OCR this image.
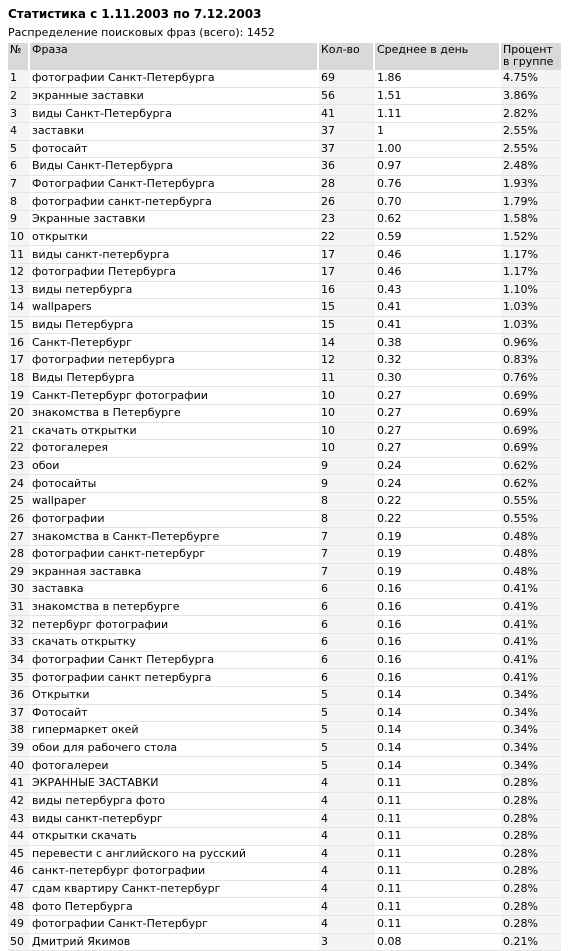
Статистика с 1.11.2003 по 7.12.2003
Распределение поисковых фраз (всего): 1452
№	Фраза	Кол-во	Среднее в день	Процент в группе
1	фотографии Санкт-Петербурга	69	1.86	4.75%
2	экранные заставки	56	1.51	3.86%
3	виды Санкт-Петербурга	41	1.11	2.82%
4	заставки	37	1	2.55%
5	фотосайт	37	1.00	2.55%
6	Виды Санкт-Петербурга	36	0.97	2.48%
7	Фотографии Санкт-Петербурга	28	0.76	1.93%
8	фотографии санкт-петербурга	26	0.70	1.79%
9	Экранные заставки	23	0.62	1.58%
10	открытки	22	0.59	1.52%
11	виды санкт-петербурга	17	0.46	1.17%
12	фотографии Петербурга	17	0.46	1.17%
13	виды петербурга	16	0.43	1.10%
14	wallpapers	15	0.41	1.03%
15	виды Петербурга	15	0.41	1.03%
16	Санкт-Петербург	14	0.38	0.96%
17	фотографии петербурга	12	0.32	0.83%
18	Виды Петербурга	11	0.30	0.76%
19	Санкт-Петербург фотографии	10	0.27	0.69%
20	знакомства в Петербурге	10	0.27	0.69%
21	скачать открытки	10	0.27	0.69%
22	фотогалерея	10	0.27	0.69%
23	обои	9	0.24	0.62%
24	фотосайты	9	0.24	0.62%
25	wallpaper	8	0.22	0.55%
26	фотографии	8	0.22	0.55%
27	знакомства в Санкт-Петербурге	7	0.19	0.48%
28	фотографии санкт-петербург	7	0.19	0.48%
29	экранная заставка	7	0.19	0.48%
30	заставка	6	0.16	0.41%
31	знакомства в петербурге	6	0.16	0.41%
32	петербург фотографии	6	0.16	0.41%
33	скачать открытку	6	0.16	0.41%
34	фотографии Санкт Петербурга	6	0.16	0.41%
35	фотографии санкт петербурга	6	0.16	0.41%
36	Открытки	5	0.14	0.34%
37	Фотосайт	5	0.14	0.34%
38	гипермаркет окей	5	0.14	0.34%
39	обои для рабочего стола	5	0.14	0.34%
40	фотогалереи	5	0.14	0.34%
41	ЭКРАННЫЕ ЗАСТАВКИ	4	0.11	0.28%
42	виды петербурга фото	4	0.11	0.28%
43	виды санкт-петербург	4	0.11	0.28%
44	открытки скачать	4	0.11	0.28%
45	перевести с английского на русский	4	0.11	0.28%
46	санкт-петербург фотографии	4	0.11	0.28%
47	сдам квартиру Санкт-петербург	4	0.11	0.28%
48	фото Петербурга	4	0.11	0.28%
49	фотографии Санкт-Петербург	4	0.11	0.28%
50	Дмитрий Якимов	3	0.08	0.21%
